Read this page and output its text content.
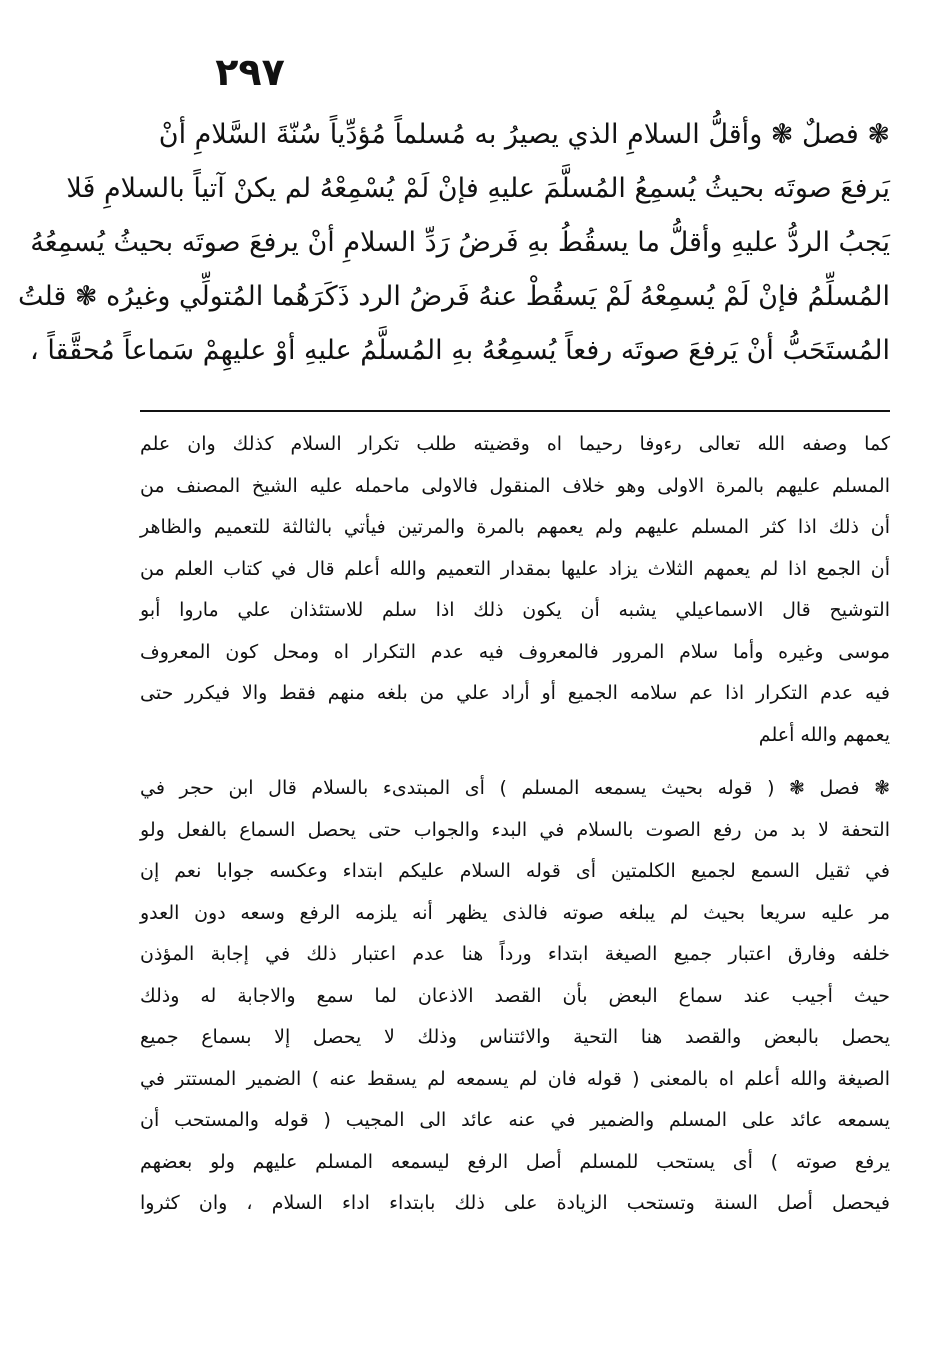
٢٩٧
❃ فصلٌ ❃ وأقلُّ السلامِ الذي يصيرُ به مُسلماً مُؤدِّياً سُنّةَ السَّلامِ أنْ
يَرفعَ صوتَه بحيثُ يُسمِعُ المُسلَّمَ عليهِ فإنْ لَمْ يُسْمِعْهُ لم يكنْ آتياً بالسلامِ فَلا
يَجبُ الردُّ عليهِ وأقلُّ ما يسقُطُ بهِ فَرضُ رَدِّ السلامِ أنْ يرفعَ صوتَه بحيثُ يُسمِعُهُ
المُسلِّمُ فإنْ لَمْ يُسمِعْهُ لَمْ يَسقُطْ عنهُ فَرضُ الرد ذَكَرَهُما المُتولِّي وغيرُه ❃ قلتُ
المُستَحَبُّ أنْ يَرفعَ صوتَه رفعاً يُسمِعُهُ بهِ المُسلَّمُ عليهِ أوْ عليهِمْ سَماعاً مُحقَّقاً ،
كما وصفه الله تعالى رءوفا رحيما اه وقضيته طلب تكرار السلام كذلك وان علم
المسلم عليهم بالمرة الاولى وهو خلاف المنقول فالاولى ماحمله عليه الشيخ المصنف من
أن ذلك اذا كثر المسلم عليهم ولم يعمهم بالمرة والمرتين فيأتي بالثالثة للتعميم والظاهر
أن الجمع اذا لم يعمهم الثلاث يزاد عليها بمقدار التعميم والله أعلم قال في كتاب العلم من
التوشيح قال الاسماعيلي يشبه أن يكون ذلك اذا سلم للاستئذان علي ماروا أبو
موسى وغيره وأما سلام المرور فالمعروف فيه عدم التكرار اه ومحل كون المعروف
فيه عدم التكرار اذا عم سلامه الجميع أو أراد علي من بلغه منهم فقط والا فيكرر حتى
يعمهم والله أعلم
❃ فصل ❃ ( قوله بحيث يسمعه المسلم ) أى المبتدىء بالسلام قال ابن حجر في
التحفة لا بد من رفع الصوت بالسلام في البدء والجواب حتى يحصل السماع بالفعل ولو
في ثقيل السمع لجميع الكلمتين أى قوله السلام عليكم ابتداء وعكسه جوابا نعم إن
مر عليه سريعا بحيث لم يبلغه صوته فالذى يظهر أنه يلزمه الرفع وسعه دون العدو
خلفه وفارق اعتبار جميع الصيغة ابتداء ورداً هنا عدم اعتبار ذلك في إجابة المؤذن
حيث أجيب عند سماع البعض بأن القصد الاذعان لما سمع والاجابة له وذلك
يحصل بالبعض والقصد هنا التحية والائتناس وذلك لا يحصل إلا بسماع جميع
الصيغة والله أعلم اه بالمعنى ( قوله فان لم يسمعه لم يسقط عنه ) الضمير المستتر في
يسمعه عائد على المسلم والضمير في عنه عائد الى المجيب ( قوله والمستحب أن
يرفع صوته ) أى يستحب للمسلم أصل الرفع ليسمعه المسلم عليهم ولو بعضهم
فيحصل أصل السنة وتستحب الزيادة على ذلك بابتداء اداء السلام ، وان كثروا
